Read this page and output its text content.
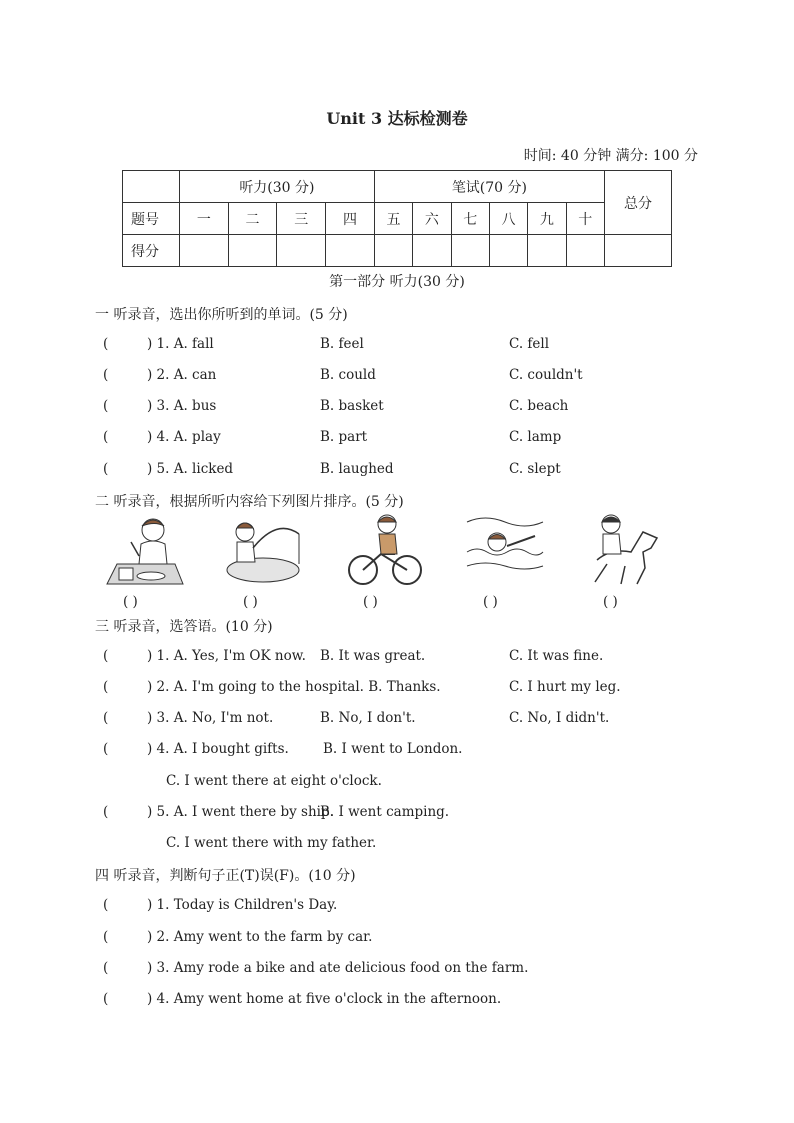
Unit 3 达标检测卷
时间: 40 分钟 满分: 100 分
	听力(30 分)				笔试(70 分)						总分
题号	一	二	三	四	五	六	七	八	九	十	
得分											
第一部分 听力(30 分)
一 听录音，选出你所听到的单词。(5 分)
(	) 1. A. fall	B. feel	C. fell
(	) 2. A. can	B. could	C. couldn't
(	) 3. A. bus	B. basket	C. beach
(	) 4. A. play	B. part	C. lamp
(	) 5. A. licked	B. laughed	C. slept
二 听录音，根据所听内容给下列图片排序。(5 分)
( )	( )	( )	( )	( )
三 听录音，选答语。(10 分)
(	) 1. A. Yes, I'm OK now. B. It was great.	C. It was fine.
(	) 2. A. I'm going to the hospital. B. Thanks.	C. I hurt my leg.
(	) 3. A. No, I'm not.	B. No, I don't.	C. No, I didn't.
(	) 4. A. I bought gifts.	B. I went to London.
C. I went there at eight o'clock.
(	) 5. A. I went there by ship.
B. I went camping.
C. I went there with my father.
四 听录音，判断句子正(T)误(F)。(10 分)
(	) 1. Today is Children's Day.
(	) 2. Amy went to the farm by car.
(	) 3. Amy rode a bike and ate delicious food on the farm.
(	) 4. Amy went home at five o'clock in the afternoon.
